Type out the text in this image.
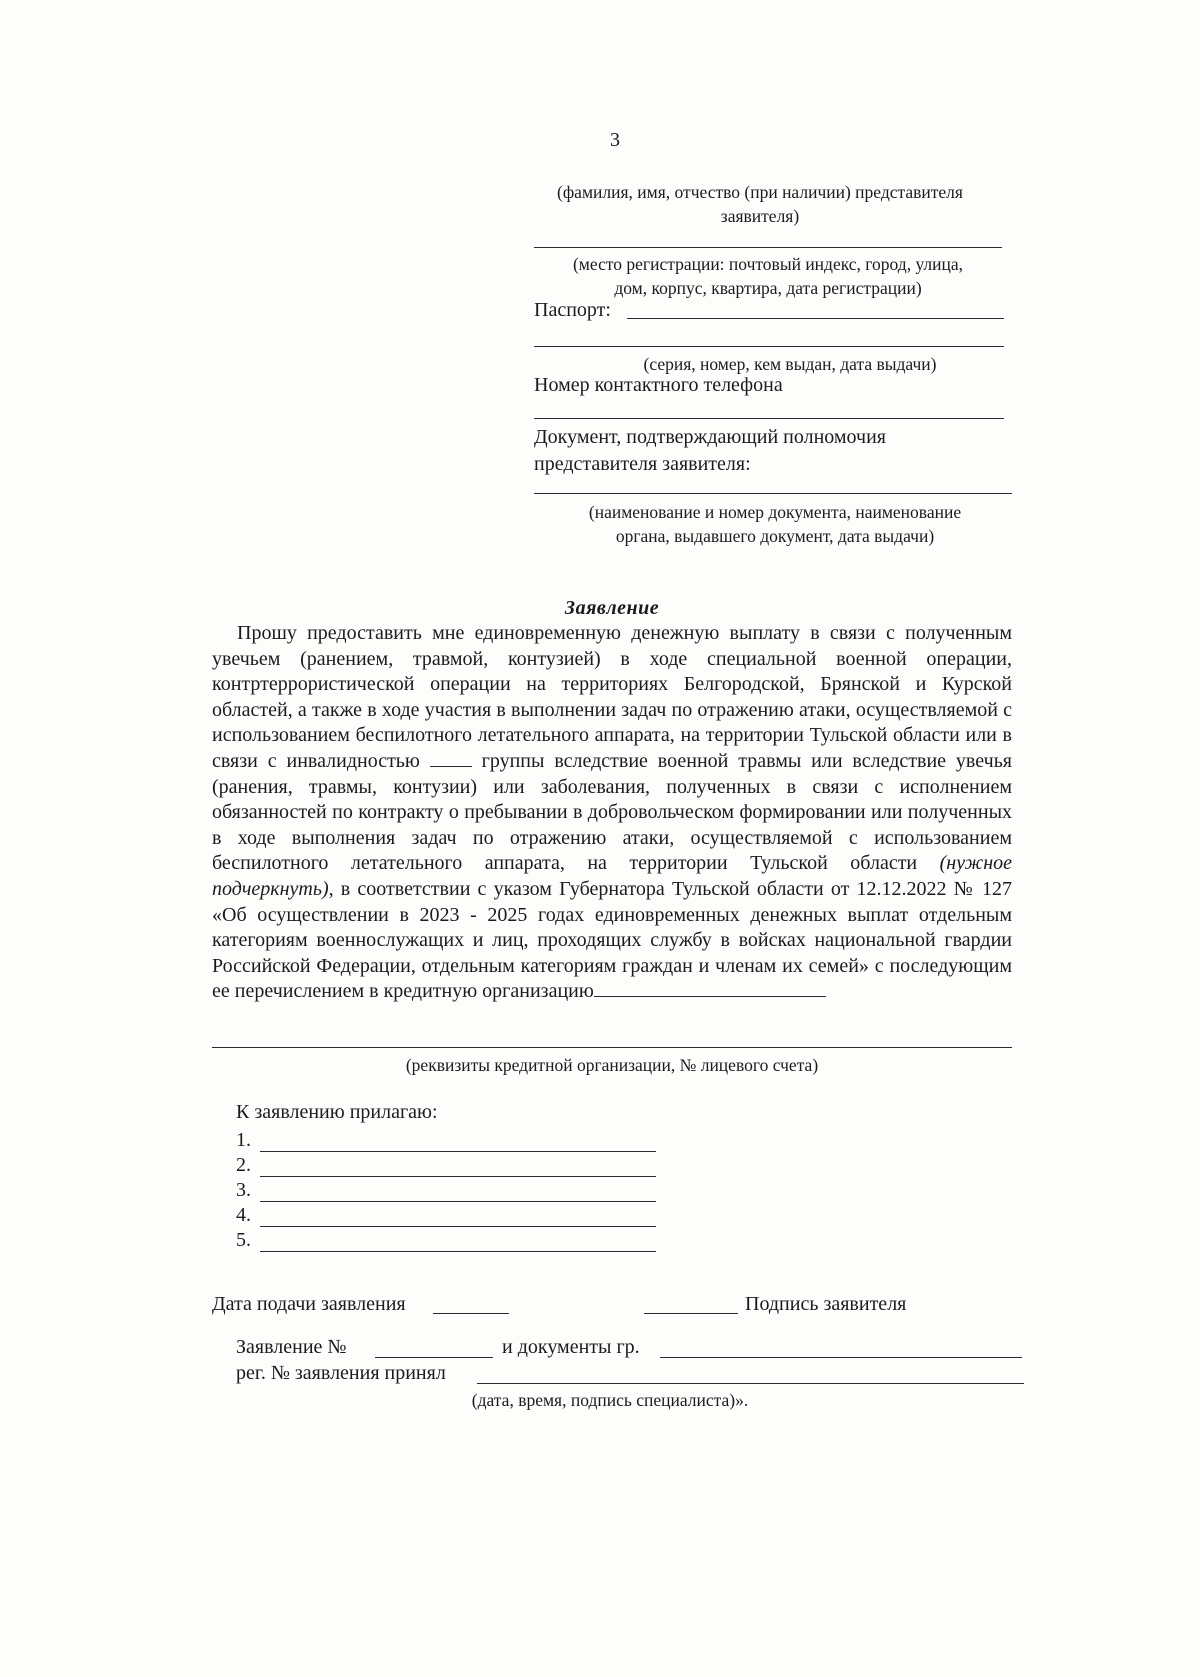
3
(фамилия, имя, отчество (при наличии) представителя
заявителя)
(место регистрации: почтовый индекс, город, улица,
дом, корпус, квартира, дата регистрации)
Паспорт:
(серия, номер, кем выдан, дата выдачи)
Номер контактного телефона
Документ, подтверждающий полномочия
представителя заявителя:
(наименование и номер документа, наименование
органа, выдавшего документ, дата выдачи)
Заявление
Прошу предоставить мне единовременную денежную выплату в связи с полученным увечьем (ранением, травмой, контузией) в ходе специальной военной операции, контртеррористической операции на территориях Белгородской, Брянской и Курской областей, а также в ходе участия в выполнении задач по отражению атаки, осуществляемой с использованием беспилотного летательного аппарата, на территории Тульской области или в связи с инвалидностью	группы вследствие военной травмы или вследствие увечья (ранения, травмы, контузии) или заболевания, полученных в связи с исполнением обязанностей по контракту о пребывании в добровольческом формировании или полученных в ходе выполнения задач по отражению атаки, осуществляемой с использованием беспилотного летательного аппарата, на территории Тульской области (нужное подчеркнуть), в соответствии с указом Губернатора Тульской области от 12.12.2022 № 127 «Об осуществлении в 2023 - 2025 годах единовременных денежных выплат отдельным категориям военнослужащих и лиц, проходящих службу в войсках национальной гвардии Российской Федерации, отдельным категориям граждан и членам их семей» с последующим ее перечислением в кредитную организацию
(реквизиты кредитной организации, № лицевого счета)
К заявлению прилагаю:
1.
2.
3.
4.
5.
Дата подачи заявления	Подпись заявителя
Заявление №	и документы гр.
рег. № заявления принял
(дата, время, подпись специалиста)».
